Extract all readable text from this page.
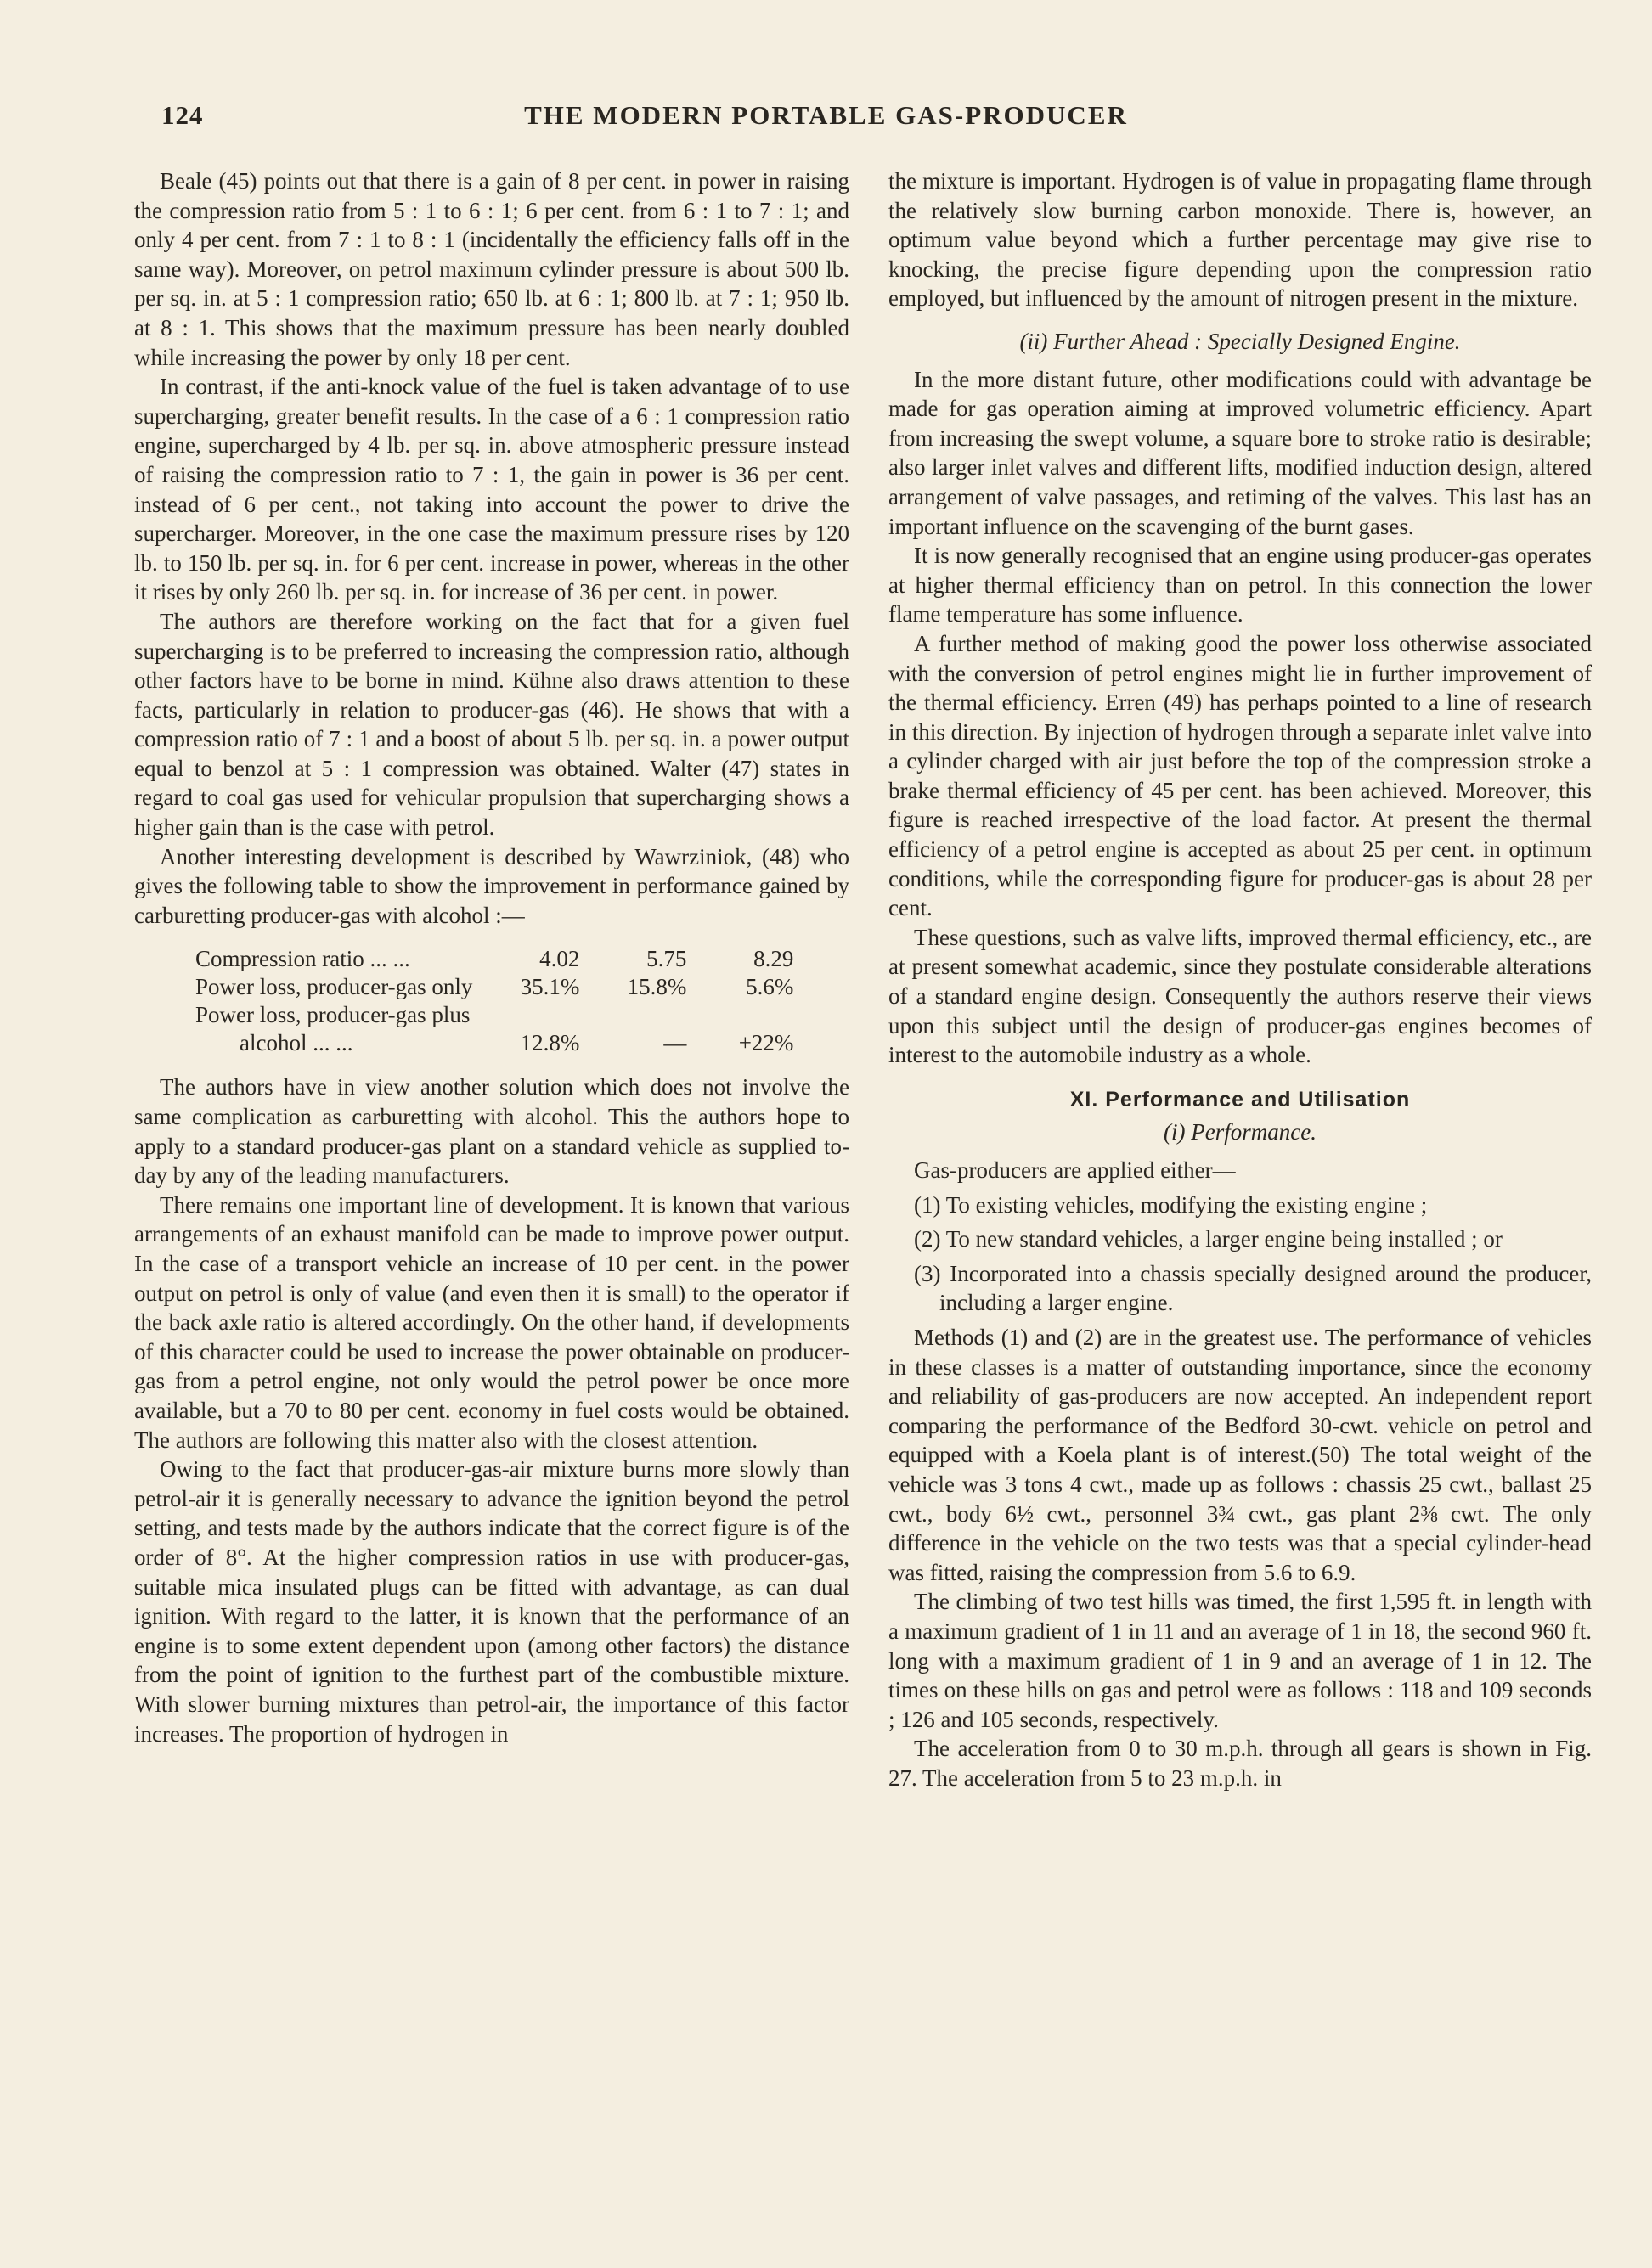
124	THE MODERN PORTABLE GAS-PRODUCER

Beale (45) points out that there is a gain of 8 per cent. in power in raising the compression ratio from 5 : 1 to 6 : 1; 6 per cent. from 6 : 1 to 7 : 1; and only 4 per cent. from 7 : 1 to 8 : 1 (incidentally the efficiency falls off in the same way). Moreover, on petrol maximum cylinder pressure is about 500 lb. per sq. in. at 5 : 1 compression ratio; 650 lb. at 6 : 1; 800 lb. at 7 : 1; 950 lb. at 8 : 1. This shows that the maximum pressure has been nearly doubled while increasing the power by only 18 per cent.

In contrast, if the anti-knock value of the fuel is taken advantage of to use supercharging, greater benefit results. In the case of a 6 : 1 compression ratio engine, supercharged by 4 lb. per sq. in. above atmospheric pressure instead of raising the compression ratio to 7 : 1, the gain in power is 36 per cent. instead of 6 per cent., not taking into account the power to drive the supercharger. Moreover, in the one case the maximum pressure rises by 120 lb. to 150 lb. per sq. in. for 6 per cent. increase in power, whereas in the other it rises by only 260 lb. per sq. in. for increase of 36 per cent. in power.

The authors are therefore working on the fact that for a given fuel supercharging is to be preferred to increasing the compression ratio, although other factors have to be borne in mind. Kühne also draws attention to these facts, particularly in relation to producer-gas (46). He shows that with a compression ratio of 7 : 1 and a boost of about 5 lb. per sq. in. a power output equal to benzol at 5 : 1 compression was obtained. Walter (47) states in regard to coal gas used for vehicular propulsion that supercharging shows a higher gain than is the case with petrol.

Another interesting development is described by Wawrziniok, (48) who gives the following table to show the improvement in performance gained by carburetting producer-gas with alcohol :—

Compression ratio ... ...	4.02	5.75	8.29
Power loss, producer-gas only	35.1%	15.8%	5.6%
Power loss, producer-gas plus			
alcohol ... ...	12.8%	—	+22%

The authors have in view another solution which does not involve the same complication as carburetting with alcohol. This the authors hope to apply to a standard producer-gas plant on a standard vehicle as supplied to-day by any of the leading manufacturers.

There remains one important line of development. It is known that various arrangements of an exhaust manifold can be made to improve power output. In the case of a transport vehicle an increase of 10 per cent. in the power output on petrol is only of value (and even then it is small) to the operator if the back axle ratio is altered accordingly. On the other hand, if developments of this character could be used to increase the power obtainable on producer-gas from a petrol engine, not only would the petrol power be once more available, but a 70 to 80 per cent. economy in fuel costs would be obtained. The authors are following this matter also with the closest attention.

Owing to the fact that producer-gas-air mixture burns more slowly than petrol-air it is generally necessary to advance the ignition beyond the petrol setting, and tests made by the authors indicate that the correct figure is of the order of 8°. At the higher compression ratios in use with producer-gas, suitable mica insulated plugs can be fitted with advantage, as can dual ignition. With regard to the latter, it is known that the performance of an engine is to some extent dependent upon (among other factors) the distance from the point of ignition to the furthest part of the combustible mixture. With slower burning mixtures than petrol-air, the importance of this factor increases. The proportion of hydrogen in

the mixture is important. Hydrogen is of value in propagating flame through the relatively slow burning carbon monoxide. There is, however, an optimum value beyond which a further percentage may give rise to knocking, the precise figure depending upon the compression ratio employed, but influenced by the amount of nitrogen present in the mixture.

(ii) Further Ahead : Specially Designed Engine.

In the more distant future, other modifications could with advantage be made for gas operation aiming at improved volumetric efficiency. Apart from increasing the swept volume, a square bore to stroke ratio is desirable; also larger inlet valves and different lifts, modified induction design, altered arrangement of valve passages, and retiming of the valves. This last has an important influence on the scavenging of the burnt gases.

It is now generally recognised that an engine using producer-gas operates at higher thermal efficiency than on petrol. In this connection the lower flame temperature has some influence.

A further method of making good the power loss otherwise associated with the conversion of petrol engines might lie in further improvement of the thermal efficiency. Erren (49) has perhaps pointed to a line of research in this direction. By injection of hydrogen through a separate inlet valve into a cylinder charged with air just before the top of the compression stroke a brake thermal efficiency of 45 per cent. has been achieved. Moreover, this figure is reached irrespective of the load factor. At present the thermal efficiency of a petrol engine is accepted as about 25 per cent. in optimum conditions, while the corresponding figure for producer-gas is about 28 per cent.

These questions, such as valve lifts, improved thermal efficiency, etc., are at present somewhat academic, since they postulate considerable alterations of a standard engine design. Consequently the authors reserve their views upon this subject until the design of producer-gas engines becomes of interest to the automobile industry as a whole.

XI. Performance and Utilisation

(i) Performance.

Gas-producers are applied either—

(1) To existing vehicles, modifying the existing engine ;

(2) To new standard vehicles, a larger engine being installed ; or

(3) Incorporated into a chassis specially designed around the producer, including a larger engine.

Methods (1) and (2) are in the greatest use. The performance of vehicles in these classes is a matter of outstanding importance, since the economy and reliability of gas-producers are now accepted. An independent report comparing the performance of the Bedford 30-cwt. vehicle on petrol and equipped with a Koela plant is of interest.(50) The total weight of the vehicle was 3 tons 4 cwt., made up as follows : chassis 25 cwt., ballast 25 cwt., body 6½ cwt., personnel 3¾ cwt., gas plant 2⅜ cwt. The only difference in the vehicle on the two tests was that a special cylinder-head was fitted, raising the compression from 5.6 to 6.9.

The climbing of two test hills was timed, the first 1,595 ft. in length with a maximum gradient of 1 in 11 and an average of 1 in 18, the second 960 ft. long with a maximum gradient of 1 in 9 and an average of 1 in 12. The times on these hills on gas and petrol were as follows : 118 and 109 seconds ; 126 and 105 seconds, respectively.

The acceleration from 0 to 30 m.p.h. through all gears is shown in Fig. 27. The acceleration from 5 to 23 m.p.h. in
